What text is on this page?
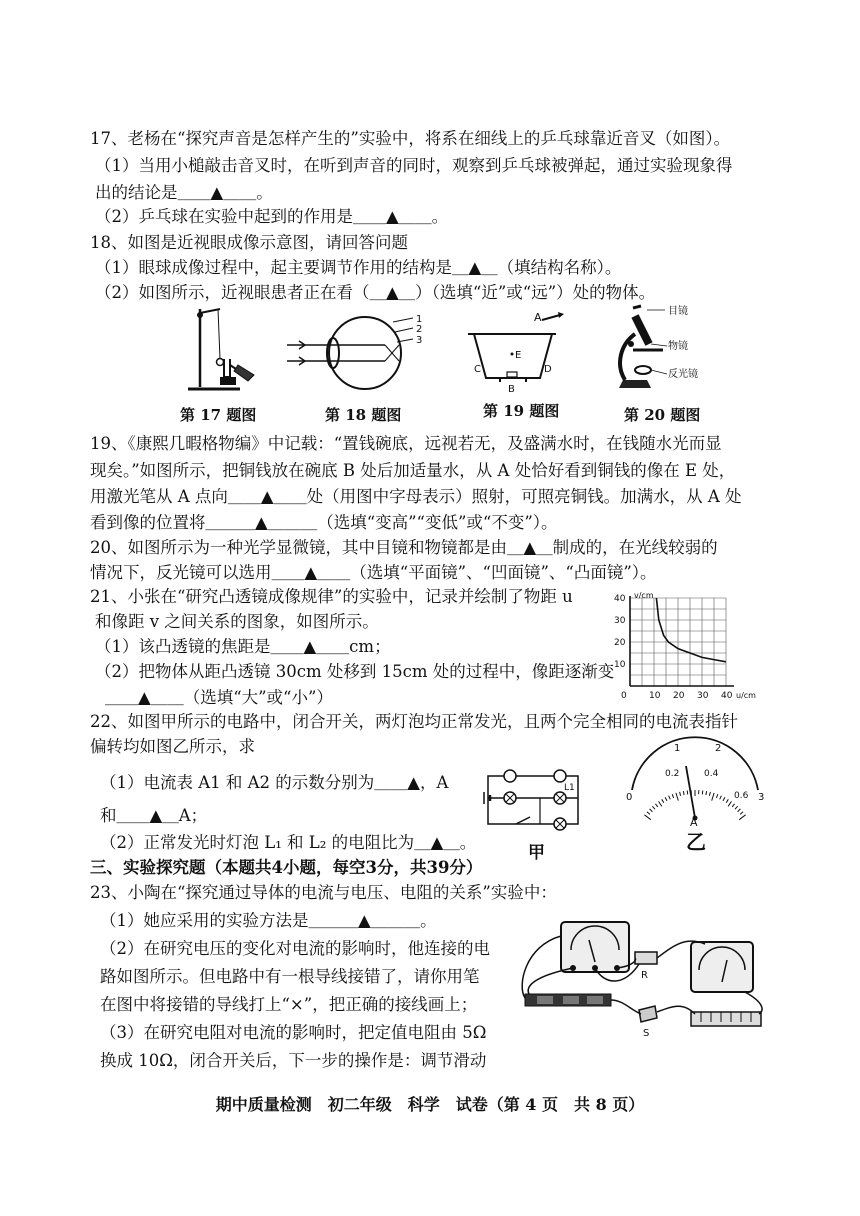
17、老杨在“探究声音是怎样产生的”实验中，将系在细线上的乒乓球靠近音叉（如图）。
（1）当用小槌敲击音叉时，在听到声音的同时，观察到乒乓球被弹起，通过实验现象得
出的结论是＿＿▲＿＿。
（2）乒乓球在实验中起到的作用是＿＿▲＿＿。
18、如图是近视眼成像示意图，请回答问题
（1）眼球成像过程中，起主要调节作用的结构是＿▲＿（填结构名称）。
（2）如图所示，近视眼患者正在看（＿▲＿）（选填“近”或“远”）处的物体。
第 17 题图
1
2
3
第 18 题图
A
B
C	D
E
第 19 题图
目镜
物镜
反光镜
第 20 题图
19、《康熙几暇格物编》中记载：“置钱碗底，远视若无，及盛满水时，在钱随水光而显
现矣。”如图所示，把铜钱放在碗底 B 处后加适量水，从 A 处恰好看到铜钱的像在 E 处，
用激光笔从 A 点向＿＿▲＿＿处（用图中字母表示）照射，可照亮铜钱。加满水，从 A 处
看到像的位置将＿＿＿▲＿＿＿（选填“变高”“变低”或“不变”）。
20、如图所示为一种光学显微镜，其中目镜和物镜都是由＿▲＿制成的，在光线较弱的
情况下，反光镜可以选用＿＿▲＿＿（选填“平面镜”、“凹面镜”、“凸面镜”）。
21、小张在“研究凸透镜成像规律”的实验中，记录并绘制了物距 u
和像距 v 之间关系的图象，如图所示。
（1）该凸透镜的焦距是＿＿▲＿＿cm；
（2）把物体从距凸透镜 30cm 处移到 15cm 处的过程中，像距逐渐变
＿＿▲＿＿（选填“大”或“小”）	10 20 30 40
10
20
30
40 v/cm
u/cm
0
22、如图甲所示的电路中，闭合开关，两灯泡均正常发光，且两个完全相同的电流表指针
偏转均如图乙所示，求
（1）电流表 A1 和 A2 的示数分别为＿＿▲，A
和＿＿▲＿A；
（2）正常发光时灯泡 L₁ 和 L₂ 的电阻比为＿▲＿。
L1
甲
0
1	2
3
0.2	0.4
0.6
A
乙
三、实验探究题（本题共4小题，每空3分，共39分）
23、小陶在“探究通过导体的电流与电压、电阻的关系”实验中：
（1）她应采用的实验方法是＿＿＿▲＿＿＿。
（2）在研究电压的变化对电流的影响时，他连接的电
路如图所示。但电路中有一根导线接错了，请你用笔
在图中将接错的导线打上“×”，把正确的接线画上；
（3）在研究电阻对电流的影响时，把定值电阻由 5Ω
换成 10Ω，闭合开关后，下一步的操作是：调节滑动
R
S
期中质量检测　初二年级　科学　试卷（第 4 页　共 8 页）
